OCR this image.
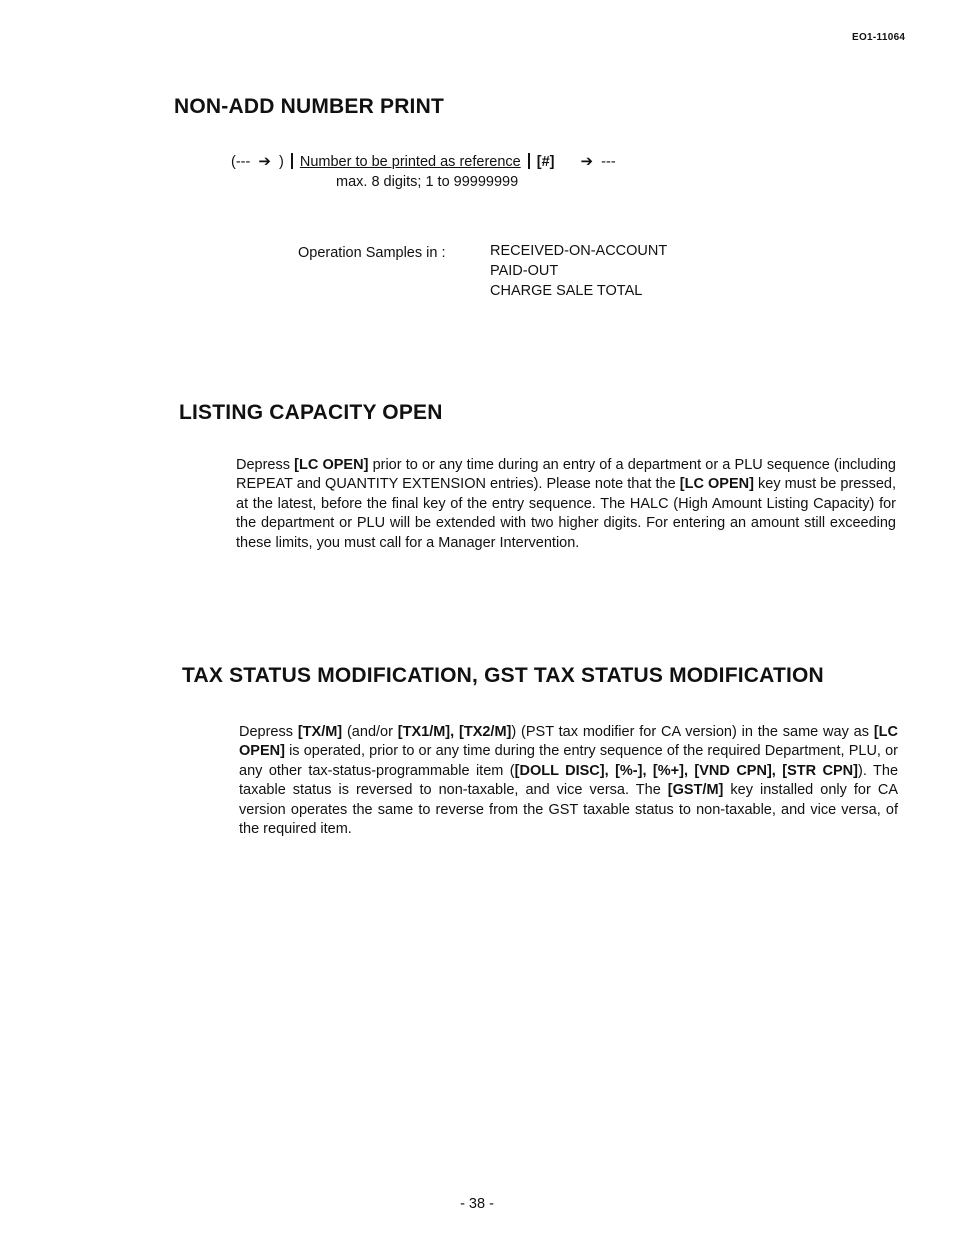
EO1-11064
NON-ADD NUMBER PRINT
(--- ➔ ) Number to be printed as reference [#] ➔ ---
max. 8 digits; 1 to 99999999
Operation Samples in :	RECEIVED-ON-ACCOUNT
PAID-OUT
CHARGE SALE TOTAL
LISTING CAPACITY OPEN

Depress [LC OPEN] prior to or any time during an entry of a department or a PLU sequence (including REPEAT and QUANTITY EXTENSION entries). Please note that the [LC OPEN] key must be pressed, at the latest, before the final key of the entry sequence. The HALC (High Amount Listing Capacity) for the department or PLU will be extended with two higher digits. For entering an amount still exceeding these limits, you must call for a Manager Intervention.

TAX STATUS MODIFICATION, GST TAX STATUS MODIFICATION

Depress [TX/M] (and/or [TX1/M], [TX2/M]) (PST tax modifier for CA version) in the same way as [LC OPEN] is operated, prior to or any time during the entry sequence of the required Department, PLU, or any other tax-status-programmable item ([DOLL DISC], [%-], [%+], [VND CPN], [STR CPN]). The taxable status is reversed to non-taxable, and vice versa. The [GST/M] key installed only for CA version operates the same to reverse from the GST taxable status to non-taxable, and vice versa, of the required item.

- 38 -
